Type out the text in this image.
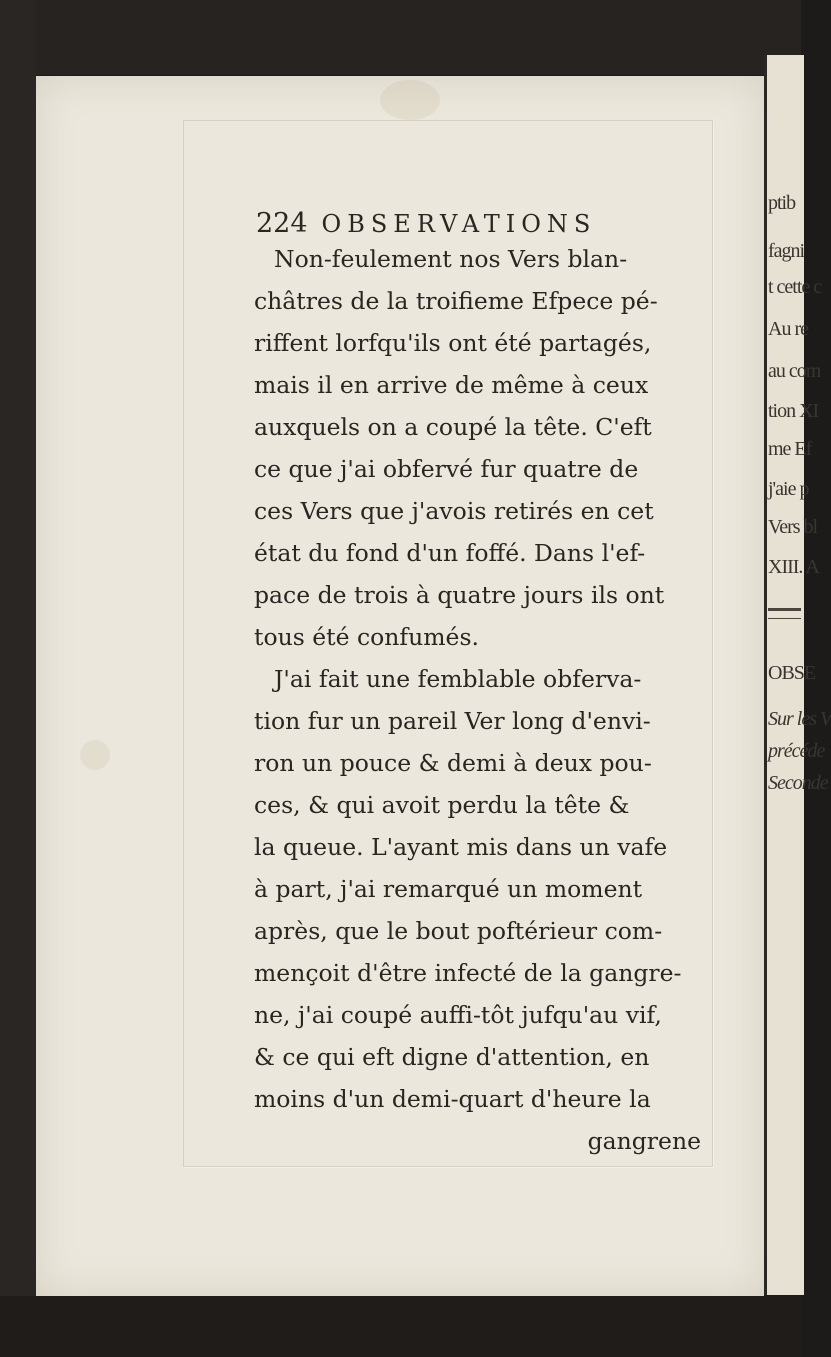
ptib
fagni
t cette c
Au re
au com
tion XI
me Ef
j'aie p
Vers bl
XIII. A
OBSE
Sur les V
précéde
Seconde
224 OBSERVATIONS
Non-feulement nos Vers blan-
châtres de la troifieme Efpece pé-
riffent lorfqu'ils ont été partagés,
mais il en arrive de même à ceux
auxquels on a coupé la tête. C'eft
ce que j'ai obfervé fur quatre de
ces Vers que j'avois retirés en cet
état du fond d'un foffé. Dans l'ef-
pace de trois à quatre jours ils ont
tous été confumés.
J'ai fait une femblable obferva-
tion fur un pareil Ver long d'envi-
ron un pouce & demi à deux pou-
ces, & qui avoit perdu la tête &
la queue. L'ayant mis dans un vafe
à part, j'ai remarqué un moment
après, que le bout poftérieur com-
mençoit d'être infecté de la gangre-
ne, j'ai coupé auffi-tôt jufqu'au vif,
& ce qui eft digne d'attention, en
moins d'un demi-quart d'heure la
gangrene
